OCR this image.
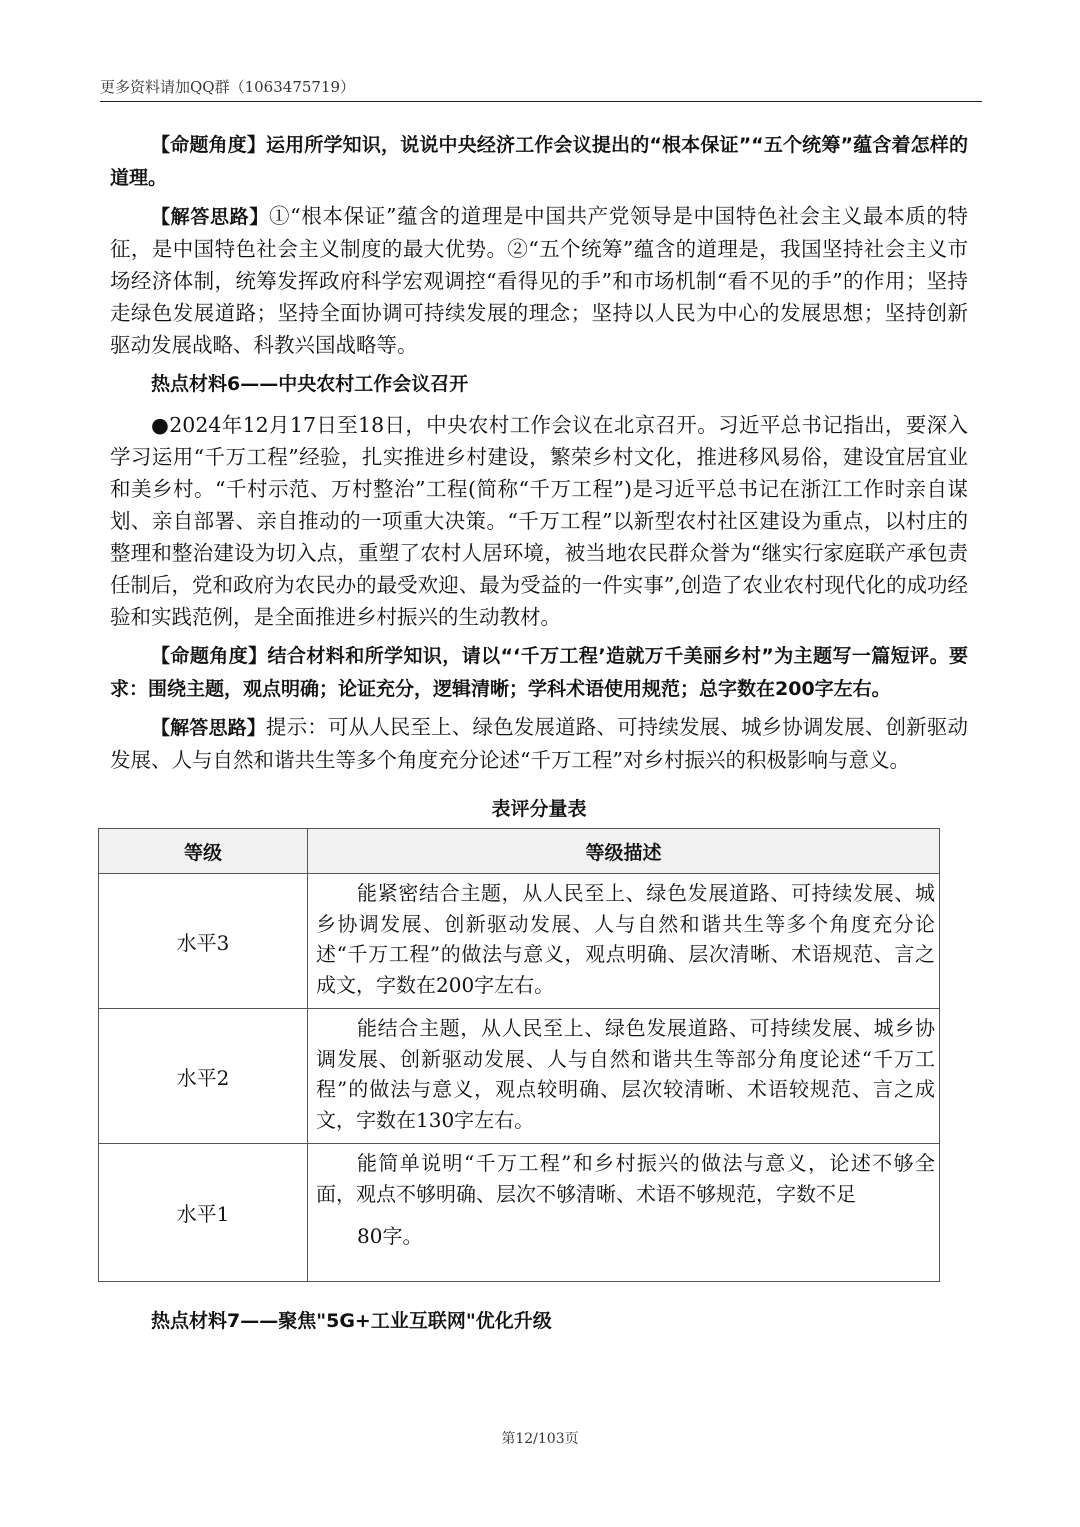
更多资料请加QQ群（1063475719）

【命题角度】运用所学知识，说说中央经济工作会议提出的“根本保证”“五个统筹”蕴含着怎样的道理。

【解答思路】①“根本保证”蕴含的道理是中国共产党领导是中国特色社会主义最本质的特征，是中国特色社会主义制度的最大优势。②“五个统筹”蕴含的道理是，我国坚持社会主义市场经济体制，统筹发挥政府科学宏观调控“看得见的手”和市场机制“看不见的手”的作用；坚持走绿色发展道路；坚持全面协调可持续发展的理念；坚持以人民为中心的发展思想；坚持创新驱动发展战略、科教兴国战略等。

热点材料6——中央农村工作会议召开

●2024年12月17日至18日，中央农村工作会议在北京召开。习近平总书记指出，要深入学习运用“千万工程”经验，扎实推进乡村建设，繁荣乡村文化，推进移风易俗，建设宜居宜业和美乡村。“千村示范、万村整治”工程(简称“千万工程”)是习近平总书记在浙江工作时亲自谋划、亲自部署、亲自推动的一项重大决策。“千万工程”以新型农村社区建设为重点，以村庄的整理和整治建设为切入点，重塑了农村人居环境，被当地农民群众誉为“继实行家庭联产承包责任制后，党和政府为农民办的最受欢迎、最为受益的一件实事”,创造了农业农村现代化的成功经验和实践范例，是全面推进乡村振兴的生动教材。

【命题角度】结合材料和所学知识，请以“‘千万工程’造就万千美丽乡村”为主题写一篇短评。要求：围绕主题，观点明确；论证充分，逻辑清晰；学科术语使用规范；总字数在200字左右。

【解答思路】提示：可从人民至上、绿色发展道路、可持续发展、城乡协调发展、创新驱动发展、人与自然和谐共生等多个角度充分论述“千万工程”对乡村振兴的积极影响与意义。

表评分量表
等级	等级描述
水平3	能紧密结合主题，从人民至上、绿色发展道路、可持续发展、城乡协调发展、创新驱动发展、人与自然和谐共生等多个角度充分论述“千万工程”的做法与意义，观点明确、层次清晰、术语规范、言之成文，字数在200字左右。

水平2	能结合主题，从人民至上、绿色发展道路、可持续发展、城乡协调发展、创新驱动发展、人与自然和谐共生等部分角度论述“千万工程”的做法与意义，观点较明确、层次较清晰、术语较规范、言之成文，字数在130字左右。

水平1	能简单说明“千万工程”和乡村振兴的做法与意义，论述不够全面，观点不够明确、层次不够清晰、术语不够规范，字数不足

80字。

热点材料7——聚焦"5G+工业互联网"优化升级
第12/103页
